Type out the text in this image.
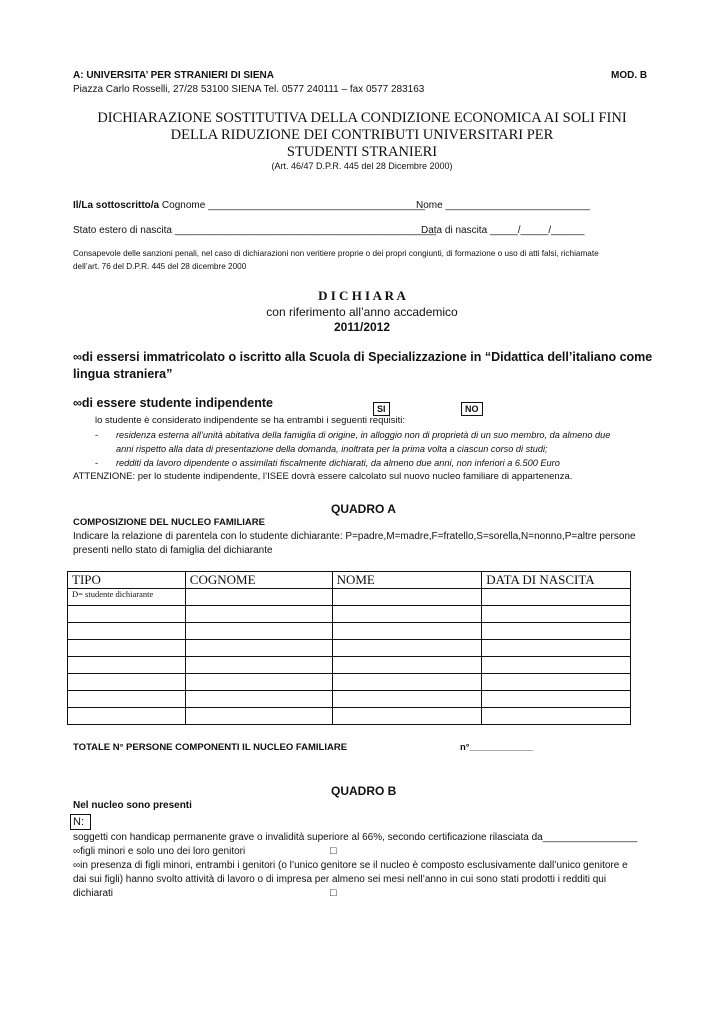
A: UNIVERSITA’ PER STRANIERI DI SIENA	MOD. B
Piazza Carlo Rosselli, 27/28 53100 SIENA Tel. 0577 240111 – fax 0577 283163
DICHIARAZIONE SOSTITUTIVA DELLA CONDIZIONE ECONOMICA AI SOLI FINI
DELLA RIDUZIONE DEI CONTRIBUTI UNIVERSITARI PER
STUDENTI STRANIERI
(Art. 46/47 D.P.R. 445 del 28 Dicembre 2000)
Il/La sottoscritto/a Cognome _______________________________________
Nome __________________________
Stato estero di nascita _______________________________________________
Data di nascita _____/_____/______
Consapevole delle sanzioni penali, nel caso di dichiarazioni non veritiere proprie o dei propri congiunti, di formazione o uso di atti falsi, richiamate
dell’art. 76 del D.P.R. 445 del 28 dicembre 2000
D I C H I A R A
con riferimento all’anno accademico
2011/2012
∞di essersi immatricolato o iscritto alla Scuola di Specializzazione in “Didattica dell’italiano come
lingua straniera”
∞di essere studente indipendente	SI	NO
lo studente è considerato indipendente se ha entrambi i seguenti requisiti:
- residenza esterna all’unità abitativa della famiglia di origine, in alloggio non di proprietà di un suo membro, da almeno due
anni rispetto alla data di presentazione della domanda, inoltrata per la prima volta a ciascun corso di studi;
- redditi da lavoro dipendente o assimilati fiscalmente dichiarati, da almeno due anni, non inferiori a 6.500 Euro
ATTENZIONE: per lo studente indipendente, l’ISEE dovrà essere calcolato sul nuovo nucleo familiare di appartenenza.
QUADRO A
COMPOSIZIONE DEL NUCLEO FAMILIARE
Indicare la relazione di parentela con lo studente dichiarante: P=padre,M=madre,F=fratello,S=sorella,N=nonno,P=altre persone
presenti nello stato di famiglia del dichiarante
TIPO	COGNOME	NOME	DATA DI NASCITA
D= studente dichiarante			

TOTALE N° PERSONE COMPONENTI IL NUCLEO FAMILIARE	n°____________
QUADRO B
Nel nucleo sono presenti
N:
soggetti con handicap permanente grave o invalidità superiore al 66%, secondo certificazione rilasciata da_________________
∞figli minori e solo uno dei loro genitori	□
∞in presenza di figli minori, entrambi i genitori (o l’unico genitore se il nucleo è composto esclusivamente dall’unico genitore e
dai sui figli) hanno svolto attività di lavoro o di impresa per almeno sei mesi nell’anno in cui sono stati prodotti i redditi qui
dichiarati	□
